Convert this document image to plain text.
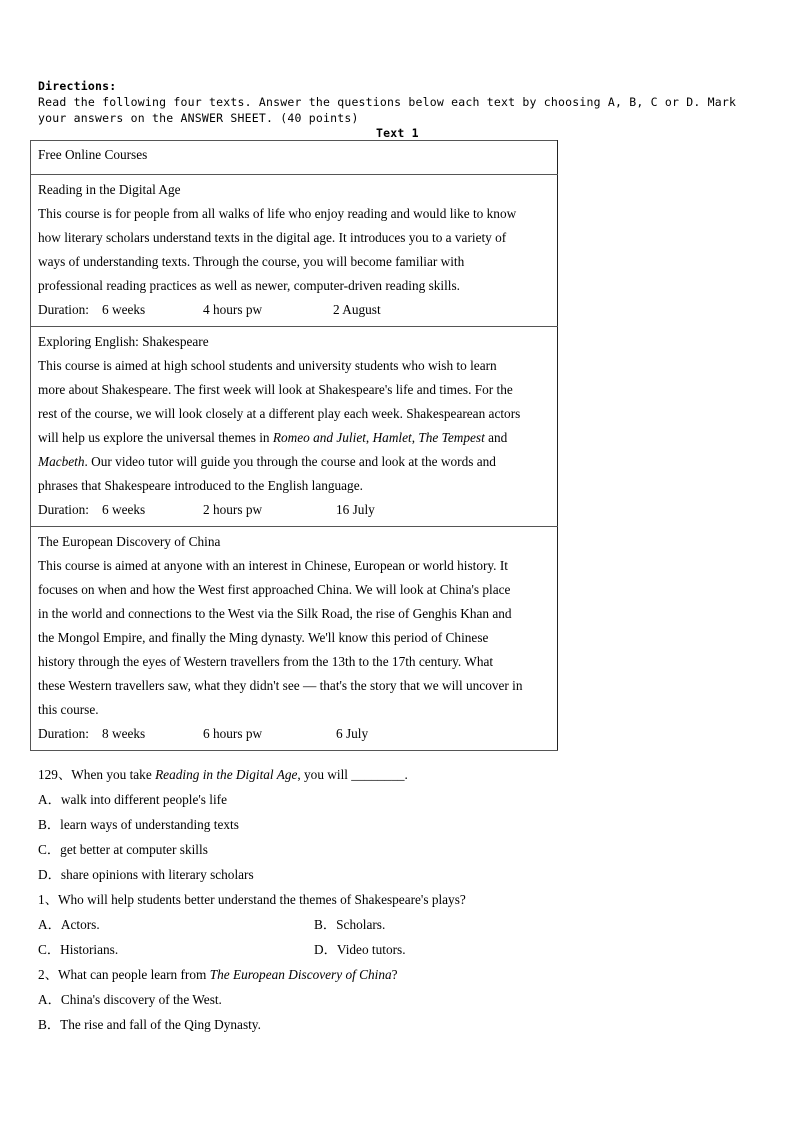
Directions:
Read the following four texts. Answer the questions below each text by choosing A, B, C or D. Mark
your answers on the ANSWER SHEET. (40 points)
Text 1
Free Online Courses

Reading in the Digital Age
This course is for people from all walks of life who enjoy reading and would like to know
how literary scholars understand texts in the digital age. It introduces you to a variety of
ways of understanding texts. Through the course, you will become familiar with
professional reading practices as well as newer, computer-driven reading skills.
Duration: 6 weeks	4 hours pw	2 August

Exploring English: Shakespeare
This course is aimed at high school students and university students who wish to learn
more about Shakespeare. The first week will look at Shakespeare's life and times. For the
rest of the course, we will look closely at a different play each week. Shakespearean actors
will help us explore the universal themes in Romeo and Juliet, Hamlet, The Tempest and
Macbeth. Our video tutor will guide you through the course and look at the words and
phrases that Shakespeare introduced to the English language.
Duration: 6 weeks	2 hours pw	16 July

The European Discovery of China
This course is aimed at anyone with an interest in Chinese, European or world history. It
focuses on when and how the West first approached China. We will look at China's place
in the world and connections to the West via the Silk Road, the rise of Genghis Khan and
the Mongol Empire, and finally the Ming dynasty. We'll know this period of Chinese
history through the eyes of Western travellers from the 13th to the 17th century. What
these Western travellers saw, what they didn't see — that's the story that we will uncover in
this course.
Duration: 8 weeks	6 hours pw	6 July
129、When you take Reading in the Digital Age, you will ________.
A．walk into different people's life
B．learn ways of understanding texts
C．get better at computer skills
D．share opinions with literary scholars
1、Who will help students better understand the themes of Shakespeare's plays?
A．Actors.	B．Scholars.
C．Historians.	D．Video tutors.
2、What can people learn from The European Discovery of China?
A．China's discovery of the West.
B．The rise and fall of the Qing Dynasty.
